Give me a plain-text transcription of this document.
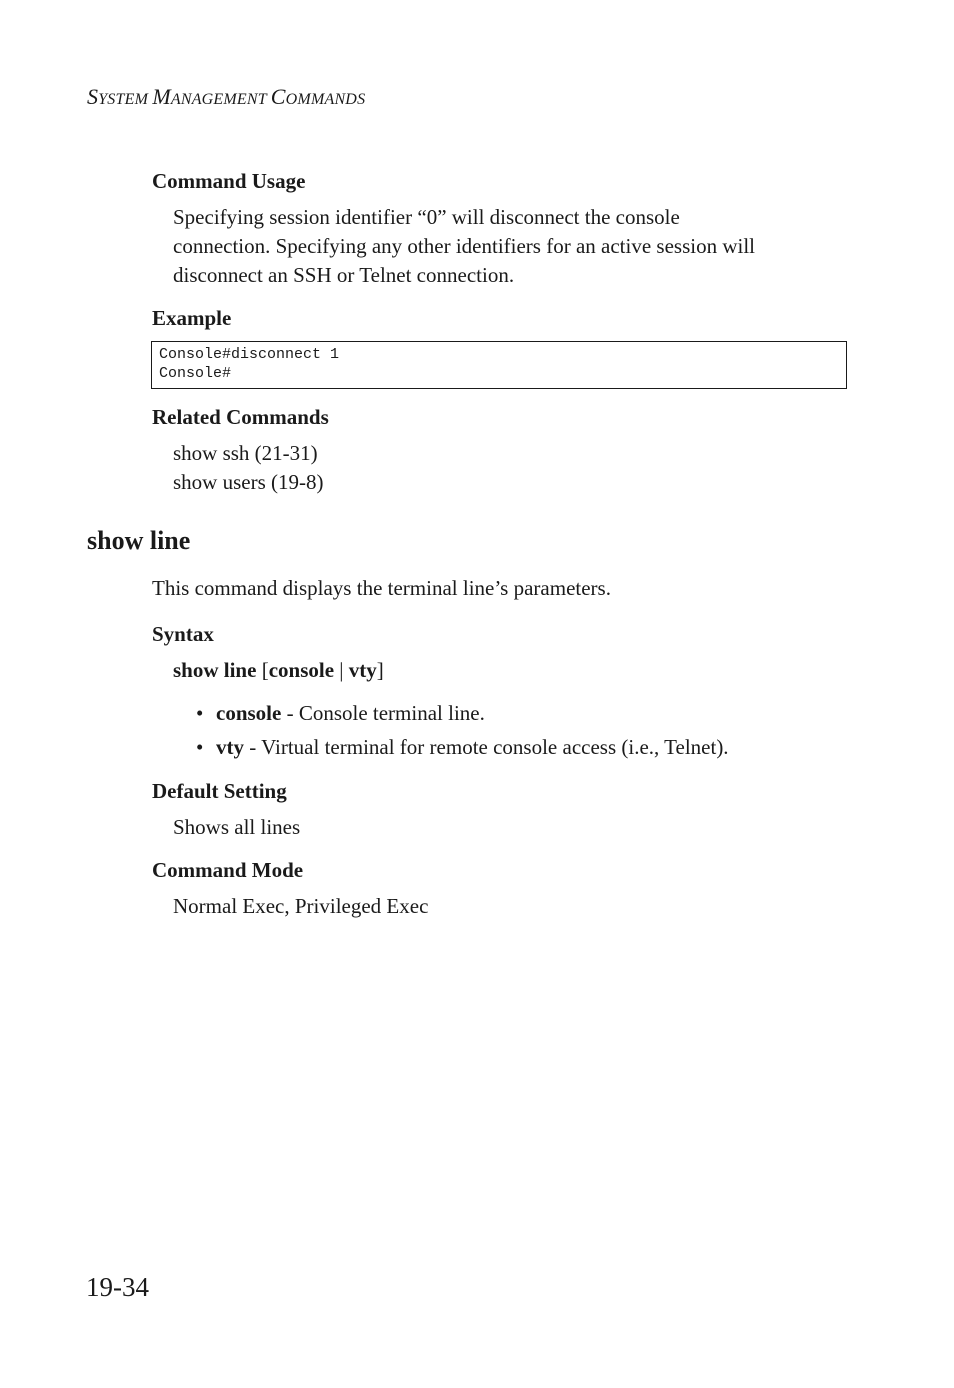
SYSTEM MANAGEMENT COMMANDS
Command Usage
Specifying session identifier “0” will disconnect the console
connection. Specifying any other identifiers for an active session will
disconnect an SSH or Telnet connection.
Example
Console#disconnect 1
Console#
Related Commands
show ssh (21-31)
show users (19-8)
show line
This command displays the terminal line’s parameters.
Syntax
show line [console | vty]
• console - Console terminal line.
• vty - Virtual terminal for remote console access (i.e., Telnet).
Default Setting
Shows all lines
Command Mode
Normal Exec, Privileged Exec
19-34
